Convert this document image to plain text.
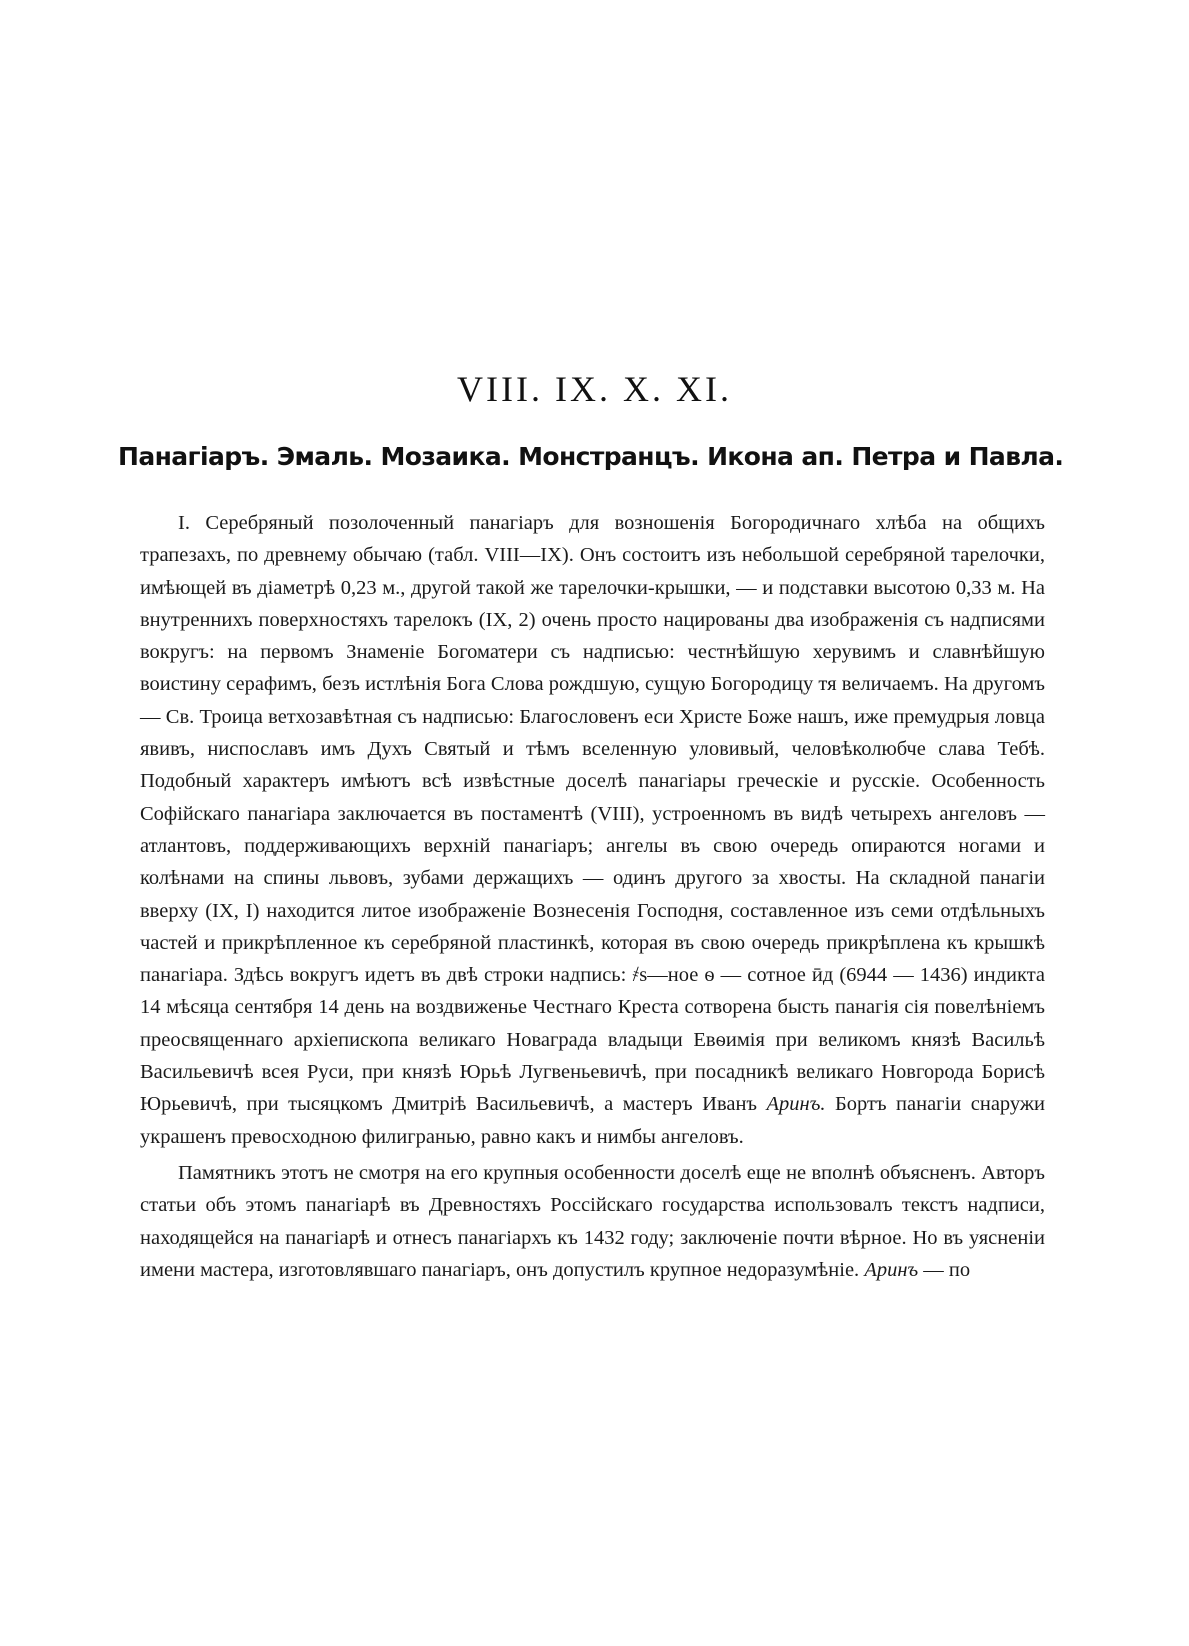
VIII. IX. X. XI.
Панагіаръ. Эмаль. Мозаика. Монстранцъ. Икона ап. Петра и Павла.

I. Серебряный позолоченный панагіаръ для возношенія Богородичнаго хлѣба на общихъ трапезахъ, по древнему обычаю (табл. VIII—IX). Онъ состоитъ изъ небольшой серебряной тарелочки, имѣющей въ діаметрѣ 0,23 м., другой такой же тарелочки-крышки, — и подставки высотою 0,33 м. На внутреннихъ поверхностяхъ тарелокъ (IX, 2) очень просто нацированы два изображенія съ надписями вокругъ: на первомъ Знаменіе Богоматери съ надписью: честнѣйшую херувимъ и славнѣйшую воистину серафимъ, безъ истлѣнія Бога Слова рождшую, сущую Богородицу тя величаемъ. На другомъ — Св. Троица ветхозавѣтная съ надписью: Благословенъ еси Христе Боже нашъ, иже премудрыя ловца явивъ, ниспославъ имъ Духъ Святый и тѣмъ вселенную уловивый, человѣколюбче слава Тебѣ. Подобный характеръ имѣютъ всѣ извѣстные доселѣ панагіары греческіе и русскіе. Особенность Софійскаго панагіара заключается въ постаментѣ (VIII), устроенномъ въ видѣ четырехъ ангеловъ — атлантовъ, поддерживающихъ верхній панагіаръ; ангелы въ свою очередь опираются ногами и колѣнами на спины львовъ, зубами держащихъ — одинъ другого за хвосты. На складной панагіи вверху (IX, I) находится литое изображеніе Вознесенія Господня, составленное изъ семи отдѣльныхъ частей и прикрѣпленное къ серебряной пластинкѣ, которая въ свою очередь прикрѣплена къ крышкѣ панагіара. Здѣсь вокругъ идетъ въ двѣ строки надпись: ҂ѕ—ное ѳ — сотное ӣд (6944 — 1436) индикта 14 мѣсяца сентября 14 день на воздвиженье Честнаго Креста сотворена бысть панагія сія повелѣніемъ преосвященнаго архіепископа великаго Новаграда владыци Евѳимія при великомъ князѣ Васильѣ Васильевичѣ всея Руси, при князѣ Юрьѣ Лугвеньевичѣ, при посадникѣ великаго Новгорода Борисѣ Юрьевичѣ, при тысяцкомъ Дмитріѣ Васильевичѣ, а мастеръ Иванъ Аринъ. Бортъ панагіи снаружи украшенъ превосходною филигранью, равно какъ и нимбы ангеловъ.

Памятникъ этотъ не смотря на его крупныя особенности доселѣ еще не вполнѣ объясненъ. Авторъ статьи объ этомъ панагіарѣ въ Древностяхъ Россійскаго государства использовалъ текстъ надписи, находящейся на панагіарѣ и отнесъ панагіархъ къ 1432 году; заключеніе почти вѣрное. Но въ уясненіи имени мастера, изготовлявшаго панагіаръ, онъ допустилъ крупное недоразумѣніе. Аринъ — по
